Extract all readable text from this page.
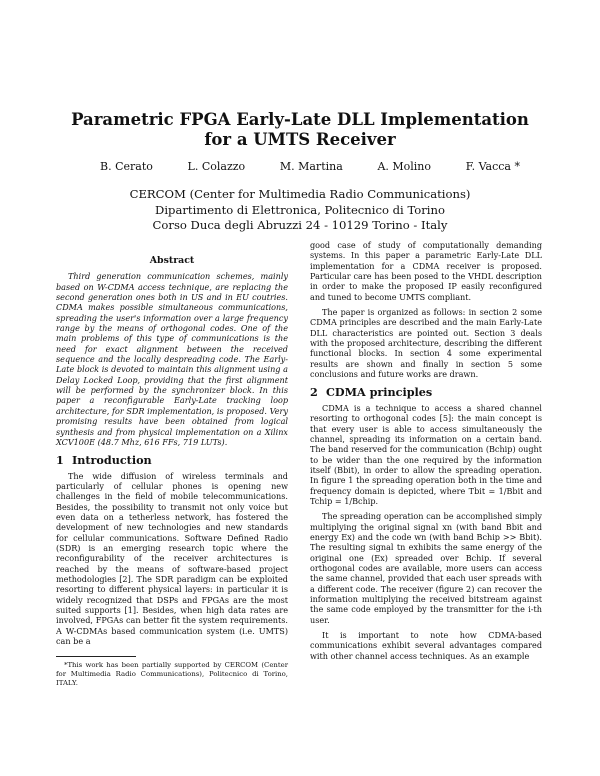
Parametric FPGA Early-Late DLL Implementation
for a UMTS Receiver
B. Cerato	L. Colazzo	M. Martina	A. Molino	F. Vacca *
CERCOM (Center for Multimedia Radio Communications)
Dipartimento di Elettronica, Politecnico di Torino
Corso Duca degli Abruzzi 24 - 10129 Torino - Italy
Abstract

Third generation communication schemes, mainly based on W-CDMA access technique, are replacing the second generation ones both in US and in EU coutries. CDMA makes possible simultaneous communications, spreading the user's information over a large frequency range by the means of orthogonal codes. One of the main problems of this type of communications is the need for exact alignment between the received sequence and the locally despreading code. The Early-Late block is devoted to maintain this alignment using a Delay Locked Loop, providing that the first alignment will be performed by the synchronizer block. In this paper a reconfigurable Early-Late tracking loop architecture, for SDR implementation, is proposed. Very promising results have been obtained from logical synthesis and from physical implementation on a Xilinx XCV100E (48.7 Mhz, 616 FFs, 719 LUTs).

1 Introduction

The wide diffusion of wireless terminals and particularly of cellular phones is opening new challenges in the field of mobile telecommunications. Besides, the possibility to transmit not only voice but even data on a tetherless network, has fostered the development of new technologies and new standards for cellular communications. Software Defined Radio (SDR) is an emerging research topic where the reconfigurability of the receiver architectures is reached by the means of software-based project methodologies [2]. The SDR paradigm can be exploited resorting to different physical layers: in particular it is widely recognized that DSPs and FPGAs are the most suited supports [1]. Besides, when high data rates are involved, FPGAs can better fit the system requirements. A W-CDMAs based communication system (i.e. UMTS) can be a

*This work has been partially supported by CERCOM (Center for Multimedia Radio Communications), Politecnico di Torino, ITALY.

good case of study of computationally demanding systems. In this paper a parametric Early-Late DLL implementation for a CDMA receiver is proposed. Particular care has been posed to the VHDL description in order to make the proposed IP easily reconfigured and tuned to become UMTS compliant.

The paper is organized as follows: in section 2 some CDMA principles are described and the main Early-Late DLL characteristics are pointed out. Section 3 deals with the proposed architecture, describing the different functional blocks. In section 4 some experimental results are shown and finally in section 5 some conclusions and future works are drawn.

2 CDMA principles

CDMA is a technique to access a shared channel resorting to orthogonal codes [5]: the main concept is that every user is able to access simultaneously the channel, spreading its information on a certain band. The band reserved for the communication (Bchip) ought to be wider than the one required by the information itself (Bbit), in order to allow the spreading operation. In figure 1 the spreading operation both in the time and frequency domain is depicted, where Tbit = 1/Bbit and Tchip = 1/Bchip.

The spreading operation can be accomplished simply multiplying the original signal xn (with band Bbit and energy Ex) and the code wn (with band Bchip >> Bbit). The resulting signal tn exhibits the same energy of the original one (Ex) spreaded over Bchip. If several orthogonal codes are available, more users can access the same channel, provided that each user spreads with a different code. The receiver (figure 2) can recover the information multiplying the received bitstream against the same code employed by the transmitter for the i-th user.

It is important to note how CDMA-based communications exhibit several advantages compared with other channel access techniques. As an example
